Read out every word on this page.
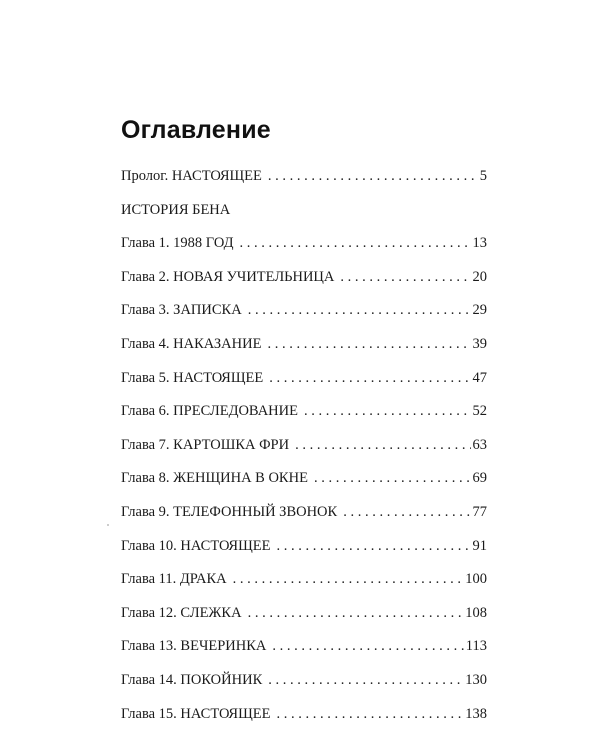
Оглавление
Пролог. НАСТОЯЩЕЕ . . .	5
ИСТОРИЯ БЕНА
Глава 1. 1988 ГОД . . .	13
Глава 2. НОВАЯ УЧИТЕЛЬНИЦА . . .	20
Глава 3. ЗАПИСКА . . .	29
Глава 4. НАКАЗАНИЕ . . .	39
Глава 5. НАСТОЯЩЕЕ . . .	47
Глава 6. ПРЕСЛЕДОВАНИЕ . . .	52
Глава 7. КАРТОШКА ФРИ . . .	63
Глава 8. ЖЕНЩИНА В ОКНЕ . . .	69
Глава 9. ТЕЛЕФОННЫЙ ЗВОНОК . . .	77
Глава 10. НАСТОЯЩЕЕ . . .	91
Глава 11. ДРАКА . . .	100
Глава 12. СЛЕЖКА . . .	108
Глава 13. ВЕЧЕРИНКА . . .	113
Глава 14. ПОКОЙНИК . . .	130
Глава 15. НАСТОЯЩЕЕ . . .	138
